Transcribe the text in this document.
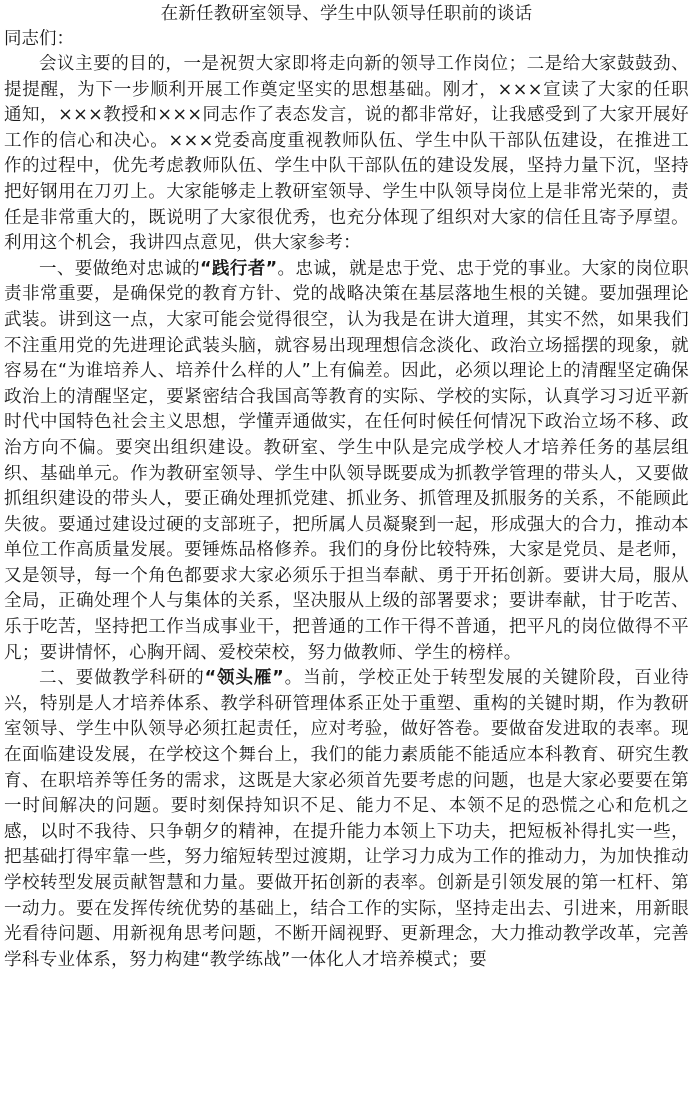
在新任教研室领导、学生中队领导任职前的谈话

同志们：

会议主要的目的，一是祝贺大家即将走向新的领导工作岗位；二是给大家鼓鼓劲、提提醒，为下一步顺利开展工作奠定坚实的思想基础。刚才，×××宣读了大家的任职通知，×××教授和×××同志作了表态发言，说的都非常好，让我感受到了大家开展好工作的信心和决心。×××党委高度重视教师队伍、学生中队干部队伍建设，在推进工作的过程中，优先考虑教师队伍、学生中队干部队伍的建设发展，坚持力量下沉，坚持把好钢用在刀刃上。大家能够走上教研室领导、学生中队领导岗位上是非常光荣的，责任是非常重大的，既说明了大家很优秀，也充分体现了组织对大家的信任且寄予厚望。利用这个机会，我讲四点意见，供大家参考：

一、要做绝对忠诚的“践行者”。忠诚，就是忠于党、忠于党的事业。大家的岗位职责非常重要，是确保党的教育方针、党的战略决策在基层落地生根的关键。要加强理论武装。讲到这一点，大家可能会觉得很空，认为我是在讲大道理，其实不然，如果我们不注重用党的先进理论武装头脑，就容易出现理想信念淡化、政治立场摇摆的现象，就容易在“为谁培养人、培养什么样的人”上有偏差。因此，必须以理论上的清醒坚定确保政治上的清醒坚定，要紧密结合我国高等教育的实际、学校的实际，认真学习习近平新时代中国特色社会主义思想，学懂弄通做实，在任何时候任何情况下政治立场不移、政治方向不偏。要突出组织建设。教研室、学生中队是完成学校人才培养任务的基层组织、基础单元。作为教研室领导、学生中队领导既要成为抓教学管理的带头人，又要做抓组织建设的带头人，要正确处理抓党建、抓业务、抓管理及抓服务的关系，不能顾此失彼。要通过建设过硬的支部班子，把所属人员凝聚到一起，形成强大的合力，推动本单位工作高质量发展。要锤炼品格修养。我们的身份比较特殊，大家是党员、是老师，又是领导，每一个角色都要求大家必须乐于担当奉献、勇于开拓创新。要讲大局，服从全局，正确处理个人与集体的关系，坚决服从上级的部署要求；要讲奉献，甘于吃苦、乐于吃苦，坚持把工作当成事业干，把普通的工作干得不普通，把平凡的岗位做得不平凡；要讲情怀，心胸开阔、爱校荣校，努力做教师、学生的榜样。

二、要做教学科研的“领头雁”。当前，学校正处于转型发展的关键阶段，百业待兴，特别是人才培养体系、教学科研管理体系正处于重塑、重构的关键时期，作为教研室领导、学生中队领导必须扛起责任，应对考验，做好答卷。要做奋发进取的表率。现在面临建设发展，在学校这个舞台上，我们的能力素质能不能适应本科教育、研究生教育、在职培养等任务的需求，这既是大家必须首先要考虑的问题，也是大家必要要在第一时间解决的问题。要时刻保持知识不足、能力不足、本领不足的恐慌之心和危机之感，以时不我待、只争朝夕的精神，在提升能力本领上下功夫，把短板补得扎实一些，把基础打得牢靠一些，努力缩短转型过渡期，让学习力成为工作的推动力，为加快推动学校转型发展贡献智慧和力量。要做开拓创新的表率。创新是引领发展的第一杠杆、第一动力。要在发挥传统优势的基础上，结合工作的实际，坚持走出去、引进来，用新眼光看待问题、用新视角思考问题，不断开阔视野、更新理念，大力推动教学改革，完善学科专业体系，努力构建“教学练战”一体化人才培养模式；要
